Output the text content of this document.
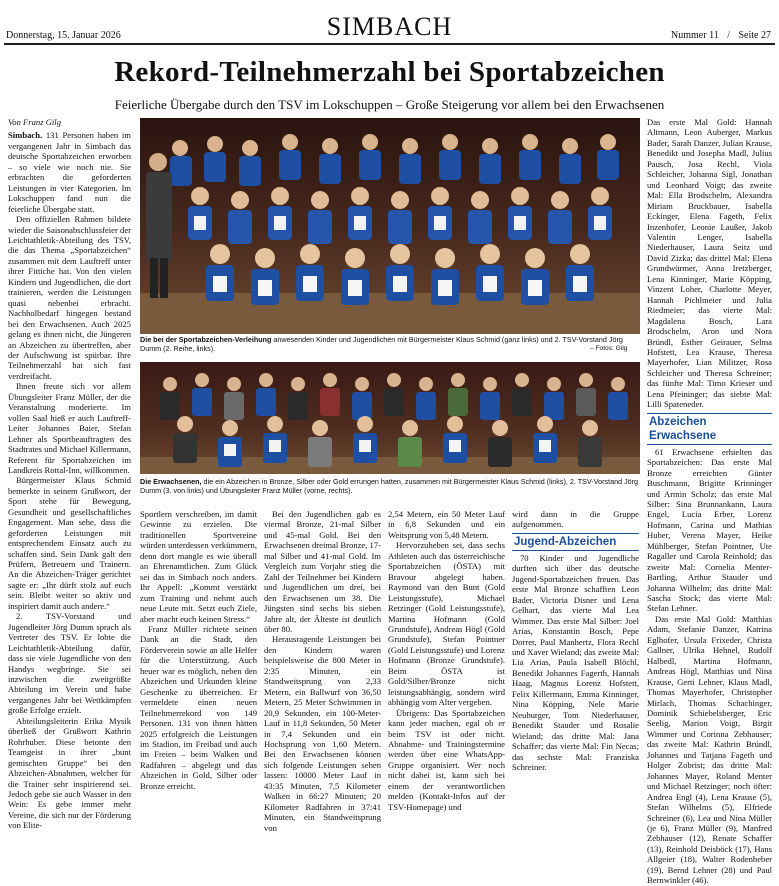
Donnerstag, 15. Januar 2026	SIMBACH	Nummer 11 / Seite 27
Rekord-Teilnehmerzahl bei Sportabzeichen
Feierliche Übergabe durch den TSV im Lokschuppen – Große Steigerung vor allem bei den Erwachsenen

Von Franz Gilg

Simbach. 131 Personen haben im vergangenen Jahr in Simbach das deutsche Sportabzeichen erworben – so viele wie noch nie. Sie erbrachten die geforderten Leistungen in vier Kategorien. Im Lokschuppen fand nun die feierliche Übergabe statt.

Den offiziellen Rahmen bildete wieder die Saisonabschlussfeier der Leichtathletik-Abteilung des TSV, die das Thema „Sportabzeichen“ zusammen mit dem Lauftreff unter ihrer Fittiche hat. Von den vielen Kindern und Jugendlichen, die dort trainieren, werden die Leistungen quasi nebenbei erbracht. Nachholbedarf hingegen bestand bei den Erwachsenen. Auch 2025 gelang es ihnen nicht, die Jüngeren an Abzeichen zu übertreffen, aber der Aufschwung ist spürbar. Ihre Teilnehmerzahl hat sich fast verdreifacht.

Ihnen freute sich vor allem Übungsleiter Franz Müller, der die Veranstaltung moderierte. Im vollen Saal hieß er auch Lauftreff-Leiter Johannes Baier, Stefan Lehner als Sportbeauftragten des Stadtrates und Michael Killermann, Referent für Sportabzeichen im Landkreis Rottal-Inn, willkommen.

Bürgermeister Klaus Schmid bemerkte in seinem Grußwort, der Sport stehe für Bewegung, Gesundheit und gesellschaftliches Engagement. Man sehe, dass die geforderten Leistungen mit entsprechendem Einsatz auch zu schaffen sind. Sein Dank galt den Prüfern, Betreuern und Trainern. An die Abzeichen-Träger gerichtet sagte er: „Ihr dürft stolz auf euch sein. Bleibt weiter so aktiv und inspiriert damit auch andere.“

2. TSV-Vorstand und Jugendleiter Jörg Dumm sprach als Vertreter des TSV. Er lobte die Leichtathletik-Abteilung dafür, dass sie viele Jugendliche von den Handys wegbringe. Sie sei inzwischen die zweitgrößte Abteilung im Verein und habe vergangenes Jahr bei Wettkämpfen große Erfolge erzielt.

Abteilungsleiterin Erika Mysik überließ der Grußwort Kathrin Rohrhuber. Diese betonte den Teamgeist in ihrer „bunt gemischten Gruppe“ bei den Abzeichen-Abnahmen, welcher für die Trainer sehr inspirierend sei. Jedoch gebe sie auch Wasser in den Wein: Es gebe immer mehr Vereine, die sich nur der Förderung von Elite-

Die bei der Sportabzeichen-Verleihung anwesenden Kinder und Jugendlichen mit Bürgermeister Klaus Schmid (ganz links) und 2. TSV-Vorstand Jörg Dumm (2. Reihe, links).	– Fotos: Gilg
Die Erwachsenen, die ein Abzeichen in Bronze, Silber oder Gold errungen hatten, zusammen mit Bürgermeister Klaus Schmid (links), 2. TSV-Vorstand Jörg Dumm (3. von links) und Übungsleiter Franz Müller (vorne, rechts).

Sportlern verschreiben, im damit Gewinne zu erzielen. Die traditionellen Sportvereine würden unterdessen verkümmern, denn dort mangle es wie überall an Ehrenamtlichen. Zum Glück sei das in Simbach noch anders. Ihr Appell: „Kommt verstärkt zum Training und nehmt auch neue Leute mit. Setzt euch Ziele, aber macht euch keinen Stress.“

Franz Müller richtete seinen Dank an die Stadt, den Förderverein sowie an alle Helfer für die Unterstützung. Auch heuer war es möglich, neben den Abzeichen und Urkunden kleine Geschenke zu überreichen. Er vermeldete einen neuen Teilnehmerrekord von 149 Personen. 131 von ihnen hätten 2025 erfolgreich die Leistungen im Stadion, im Freibad und auch im Freien – beim Walken und Radfahren – abgelegt und das Abzeichen in Gold, Silber oder Bronze erreicht.

Bei den Jugendlichen gab es viermal Bronze, 21-mal Silber und 45-mal Gold. Bei den Erwachsenen dreimal Bronze, 17-mal Silber und 41-mal Gold. Im Vergleich zum Vorjahr stieg die Zahl der Teilnehmer bei Kindern und Jugendlichen um drei, bei den Erwachsenen um 38. Die Jüngsten sind sechs bis sieben Jahre alt, der Älteste ist deutlich über 80.

Herausragende Leistungen bei den Kindern waren beispielsweise die 800 Meter in 2:35 Minuten, ein Standweitsprung von 2,33 Metern, ein Ballwurf von 36,50 Metern, 25 Meter Schwimmen in 20,9 Sekunden, ein 100-Meter-Lauf in 11,8 Sekunden, 50 Meter in 7,4 Sekunden und ein Hochsprung von 1,60 Metern. Bei den Erwachsenen können sich folgende Leistungen sehen lassen: 10000 Meter Lauf in 43:35 Minuten, 7,5 Kilometer Walken in 66:27 Minuten; 20 Kilometer Radfahren in 37:41 Minuten, ein Standweitsprung von

2,54 Metern, ein 50 Meter Lauf in 6,8 Sekunden und ein Weitsprung von 5,48 Metern.

Hervorzuheben sei, dass sechs Athleten auch das österreichische Sportabzeichen (ÖSTA) mit Bravour abgelegt haben. Raymond van den Bunt (Gold Leistungsstufe), Michael Retzinger (Gold Leistungsstufe), Martina Hofmann (Gold Grundstufe), Andreas Högl (Gold Grundstufe), Stefan Pointner (Gold Leistungsstufe) und Lorenz Hofmann (Bronze Grundstufe). Beim ÖSTA ist Gold/Silber/Bronze nicht leistungsabhängig, sondern wird abhängig vom Alter vergeben.

Übrigens: Das Sportabzeichen kann jeder machen, egal ob er beim TSV ist oder nicht. Abnahme- und Trainingstermine werden über eine WhatsApp-Gruppe organisiert. Wer noch nicht dabei ist, kann sich bei einem der verantwortlichen melden (Kontakt-Infos auf der TSV-Homepage) und

wird dann in die Gruppe aufgenommen.

Jugend-Abzeichen

70 Kinder und Jugendliche durften sich über das deutsche Jugend-Sportabzeichen freuen. Das erste Mal Bronze schafften Leon Bader, Victoria Disner und Lena Gelhart, das vierte Mal Lea Wimmer. Das erste Mal Silber: Joel Arias, Konstantin Bosch, Pepe Dorrer, Paul Manhertz, Flora Rechl und Xaver Wieland; das zweite Mal: Lia Arias, Paula Isabell Blöchl, Benedikt Johannes Fagerth, Hannah Haag, Magnus Lorenz Hofstett, Felix Killermann, Emma Kinninger, Nina Köpping, Nele Marie Neuburger, Tom Niederhauser, Benedikt Stauder und Rosalie Wieland; das dritte Mal: Jana Schaffer; das vierte Mal: Fin Necas; das sechste Mal: Franziska Schreiner.

Das erste Mal Gold: Hannah Altmann, Leon Auberger, Markus Bader, Sarah Danzer, Julian Krause, Benedikt und Josepha Madl, Julius Pausch, Josa Rechl, Viola Schleicher, Johanna Sigl, Jonathan und Leonhard Voigt; das zweite Mal: Ella Brodschelm, Alexandra Miriam Bruckbauer, Isabella Eckinger, Elena Fageth, Felix Inzenhofer, Leonie Laußer, Jakob Valentin Lenger, Isabella Niederhauser, Laura Seitz und David Zizka; das drittel Mal: Elena Grundwürmer, Anna Iretzberger, Lena Kinninger, Marie Köpping, Vinzent Loher, Charlotte Meyer, Hannah Pichlmeier und Julia Riedmeier; das vierte Mal: Magdalena Bosch, Lara Brodschelm, Aron und Nora Bründl, Esther Geirauer, Selma Hofstett, Lea Krause, Theresa Mayerhofer, Lian Militzer, Rosa Schleicher und Theresa Schreiner; das fünfte Mal: Timo Krieser und Lena Pfeininger; das siebte Mal: Lilli Spateneder.

Abzeichen Erwachsene

61 Erwachsene erhielten das Sportabzeichen: Das erste Mal Bronze erreichten Günter Buschmann, Brigitte Krinninger und Armin Scholz; das erste Mal Silber: Sina Brunnankann, Laura Engel, Lucia Erber, Lorenz Hofmann, Carina und Mathias Huber, Verena Mayer, Heike Mühlberger, Stefan Pointner, Ute Ragaller und Carola Reinhold; das zweite Mal: Cornelia Menter-Bartling, Arthur Stauder und Johanna Wilhelm; das dritte Mal: Sascha Stock; das vierte Mal: Stefan Lehner.

Das erste Mal Gold: Matthias Adam, Stefanie Danzer, Katrina Eglhofer, Ursula Frixeder, Christa Gallner, Ulrika Hehnel, Rudolf Halbedl, Martina Hofmann, Andreas Högl, Matthias und Nina Krause, Gerti Lehner, Klaus Madl, Thomas Mayerhofer, Christopher Mirlach, Thomas Schachinger, Dominik Schiebelsberger, Eric Seelig, Marion Voigt, Birgit Wimmer und Corinna Zebhauser; das zweite Mal: Kathrin Bründl, Johannes und Tatjana Fageth und Holger Zobrist; das dritte Mal: Johannes Mayer, Roland Menter und Michael Retzinger; noch öfter: Andrea Engl (4), Lena Krause (5), Stefan Wilhelms (5), Elfriede Schreiner (6), Lea und Nina Müller (je 6), Franz Müller (9), Manfred Zebhauser (12), Renate Schaffer (13), Reinhold Deisböck (17), Hans Allgeier (18), Walter Rodenheber (19), Bernd Lehner (28) und Paul Bernwinkler (46).
